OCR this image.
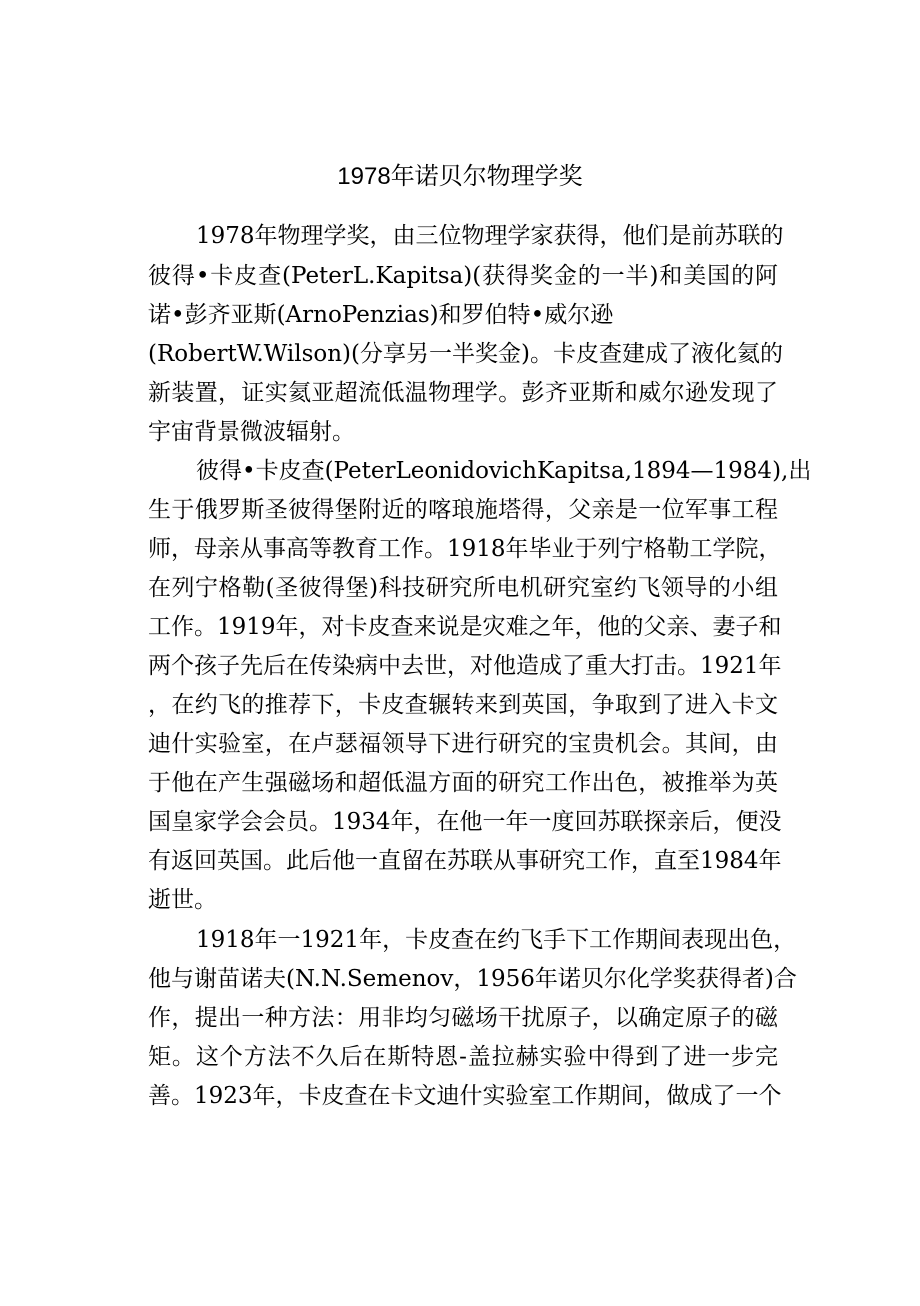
1978年诺贝尔物理学奖

1978年物理学奖，由三位物理学家获得，他们是前苏联的

彼得•卡皮查(PeterL.Kapitsa)(获得奖金的一半)和美国的阿

诺•彭齐亚斯(ArnoPenzias)和罗伯特•威尔逊

(RobertW.Wilson)(分享另一半奖金)。卡皮查建成了液化氦的

新装置，证实氦亚超流低温物理学。彭齐亚斯和威尔逊发现了

宇宙背景微波辐射。

彼得•卡皮查(PeterLeonidovichKapitsa,1894—1984),出

生于俄罗斯圣彼得堡附近的喀琅施塔得，父亲是一位军事工程

师，母亲从事高等教育工作。1918年毕业于列宁格勒工学院，

在列宁格勒(圣彼得堡)科技研究所电机研究室约飞领导的小组

工作。1919年，对卡皮查来说是灾难之年，他的父亲、妻子和

两个孩子先后在传染病中去世，对他造成了重大打击。1921年

，在约飞的推荐下，卡皮查辗转来到英国，争取到了进入卡文

迪什实验室，在卢瑟福领导下进行研究的宝贵机会。其间，由

于他在产生强磁场和超低温方面的研究工作出色，被推举为英

国皇家学会会员。1934年，在他一年一度回苏联探亲后，便没

有返回英国。此后他一直留在苏联从事研究工作，直至1984年

逝世。

1918年一1921年，卡皮查在约飞手下工作期间表现出色，

他与谢苗诺夫(N.N.Semenov，1956年诺贝尔化学奖获得者)合

作，提出一种方法：用非均匀磁场干扰原子，以确定原子的磁

矩。这个方法不久后在斯特恩-盖拉赫实验中得到了进一步完

善。1923年，卡皮查在卡文迪什实验室工作期间，做成了一个
